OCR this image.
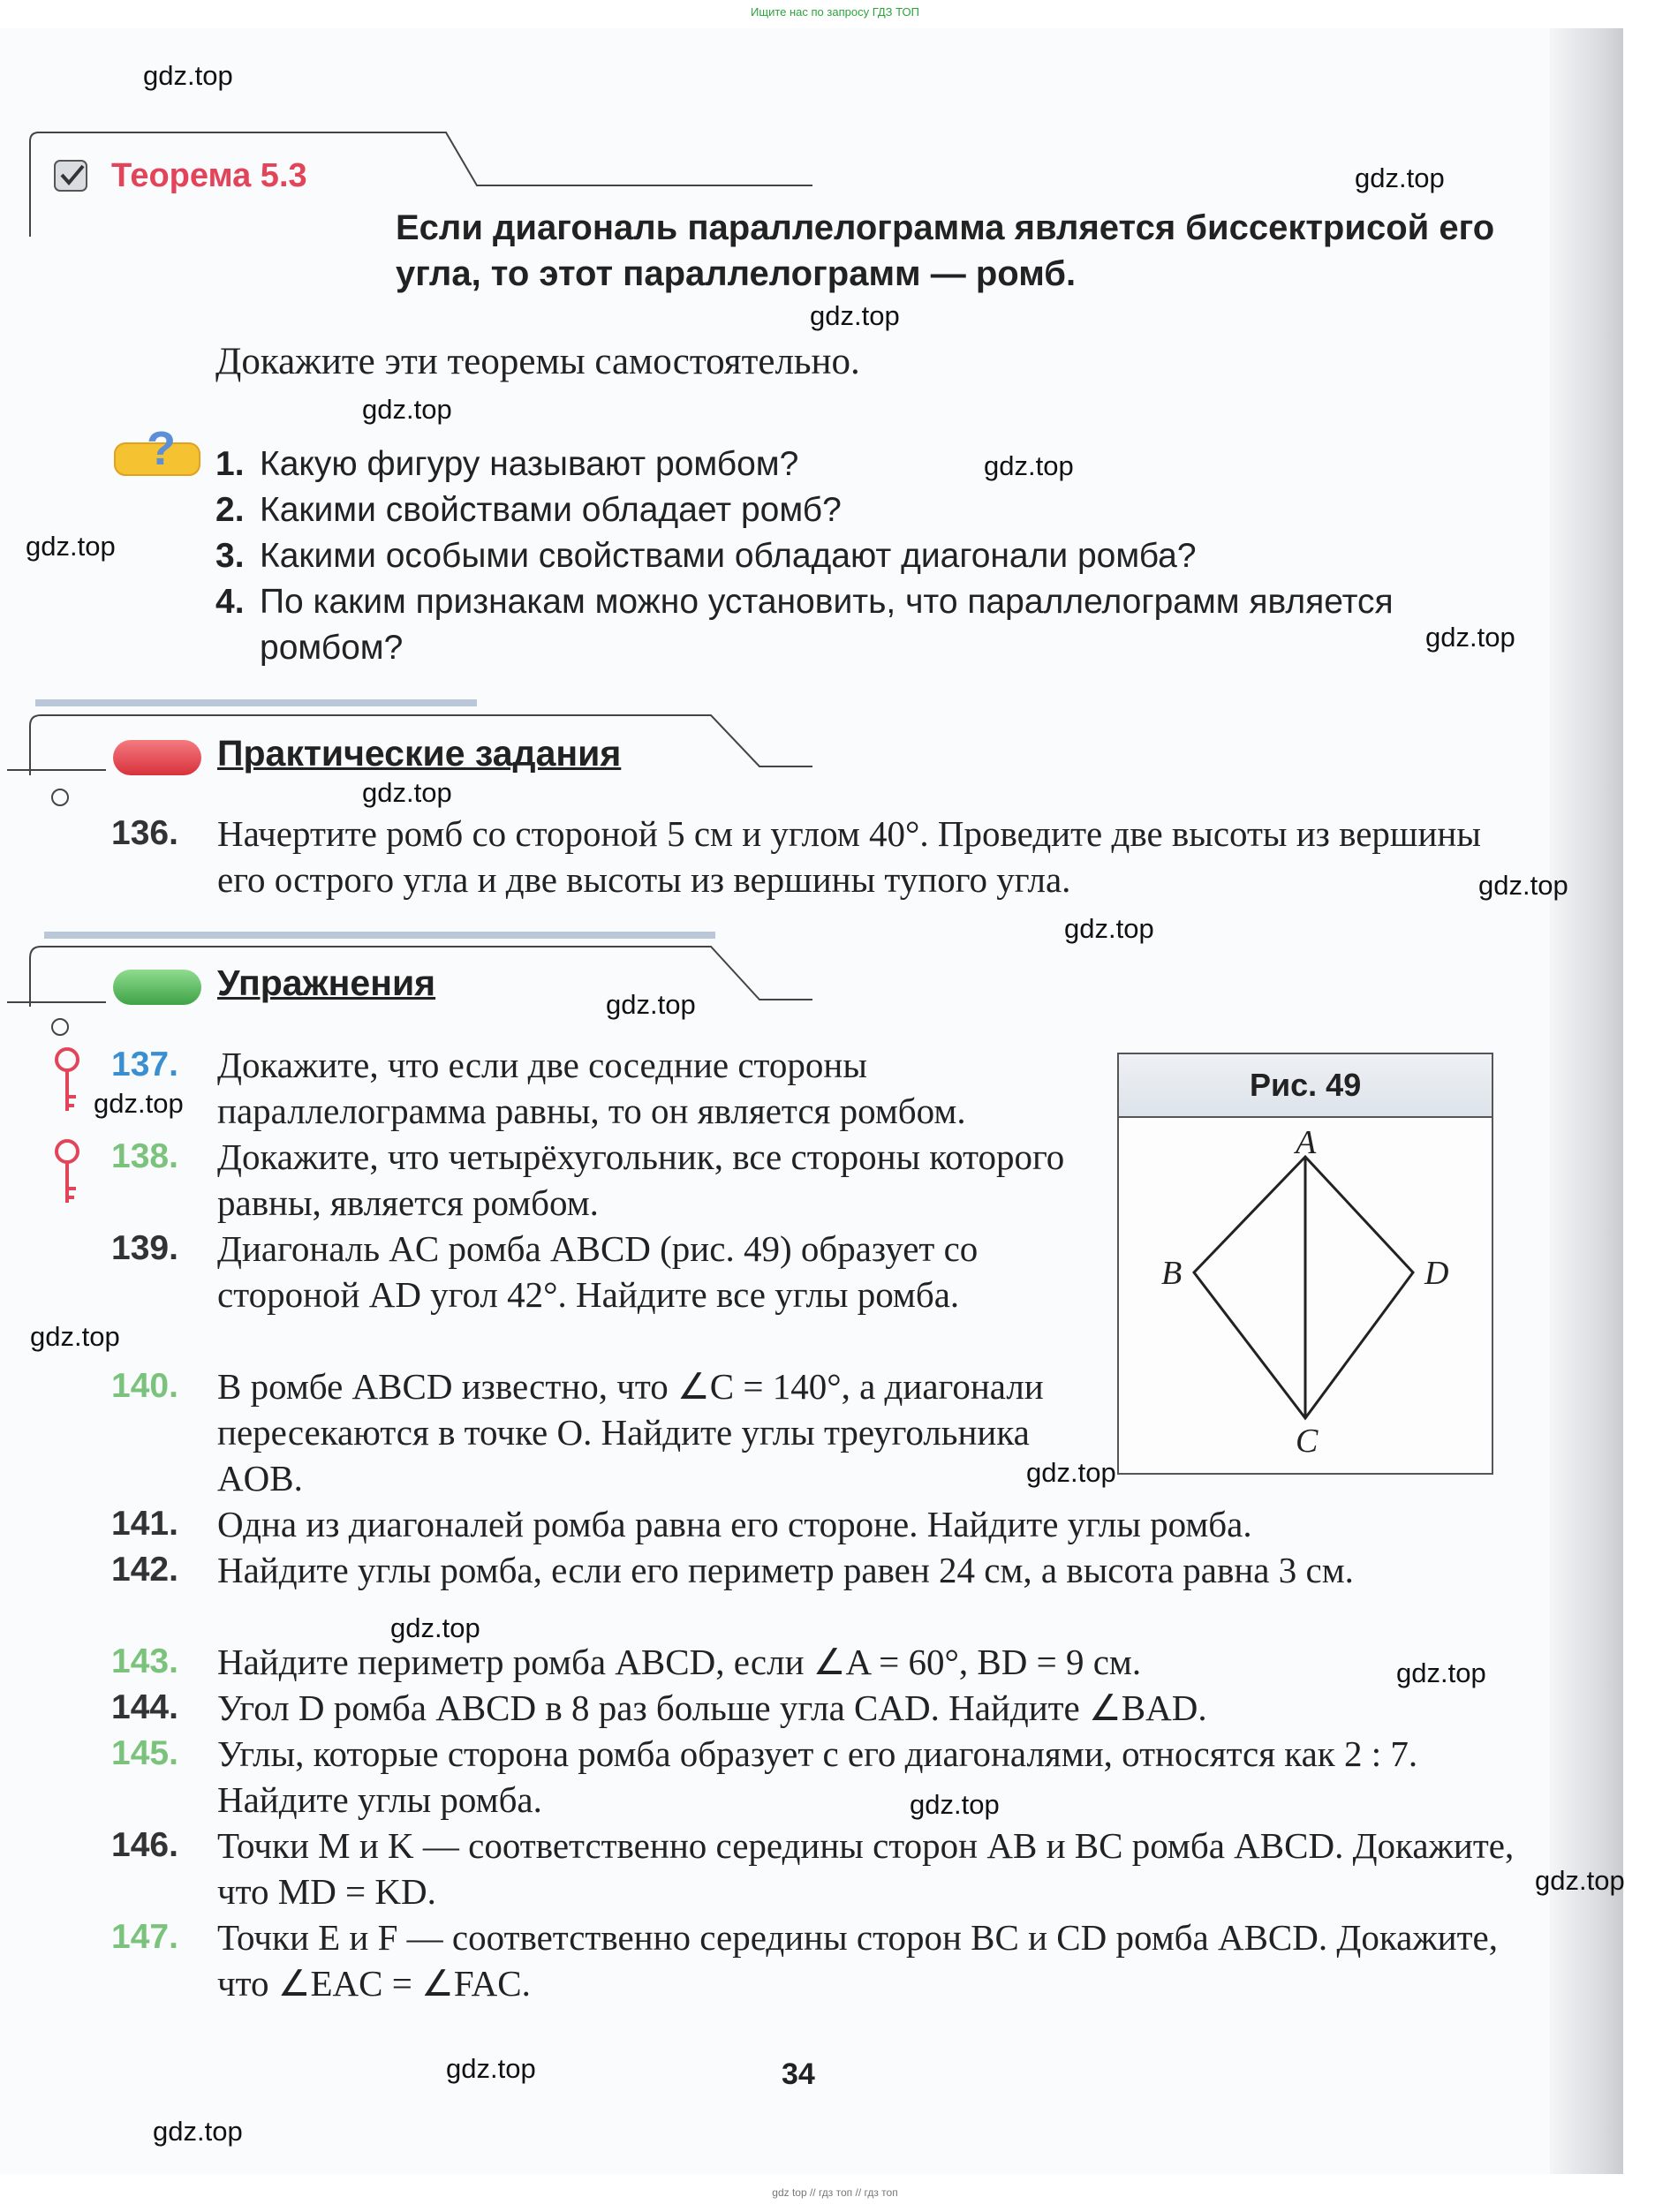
Ищите нас по запросу ГДЗ ТОП
Теорема 5.3
Если диагональ параллелограмма является биссектрисой его угла, то этот параллелограмм — ромб.
Докажите эти теоремы самостоятельно.
? 1. Какую фигуру называют ромбом?
2. Какими свойствами обладает ромб?
3. Какими особыми свойствами обладают диагонали ромба?
4. По каким признакам можно установить, что параллелограмм является ромбом?
Практические задания
136. Начертите ромб со стороной 5 см и углом 40°. Проведите две высоты из вершины его острого угла и две высоты из вершины тупого угла.
Упражнения
137. Докажите, что если две соседние стороны параллелограмма равны, то он является ромбом.
138. Докажите, что четырёхугольник, все стороны которого равны, является ромбом.
139. Диагональ AC ромба ABCD (рис. 49) образует со стороной AD угол 42°. Найдите все углы ромба.
140. В ромбе ABCD известно, что ∠C = 140°, а диагонали пересекаются в точке O. Найдите углы треугольника AOB.
141. Одна из диагоналей ромба равна его стороне. Найдите углы ромба.
142. Найдите углы ромба, если его периметр равен 24 см, а высота равна 3 см.
143. Найдите периметр ромба ABCD, если ∠A = 60°, BD = 9 см.
144. Угол D ромба ABCD в 8 раз больше угла CAD. Найдите ∠BAD.
145. Углы, которые сторона ромба образует с его диагоналями, относятся как 2 : 7. Найдите углы ромба.
146. Точки M и K — соответственно середины сторон AB и BC ромба ABCD. Докажите, что MD = KD.
147. Точки E и F — соответственно середины сторон BC и CD ромба ABCD. Докажите, что ∠EAC = ∠FAC.
Рис. 49
A
B	D
C
34
gdz.top
gdz.top
gdz.top
gdz.top
gdz.top
gdz.top
gdz.top
gdz.top
gdz.top
gdz.top
gdz.top
gdz.top
gdz.top
gdz.top
gdz.top
gdz.top
gdz.top
gdz.top
gdz.top
gdz.top
gdz top // гдз топ // гдз топ
